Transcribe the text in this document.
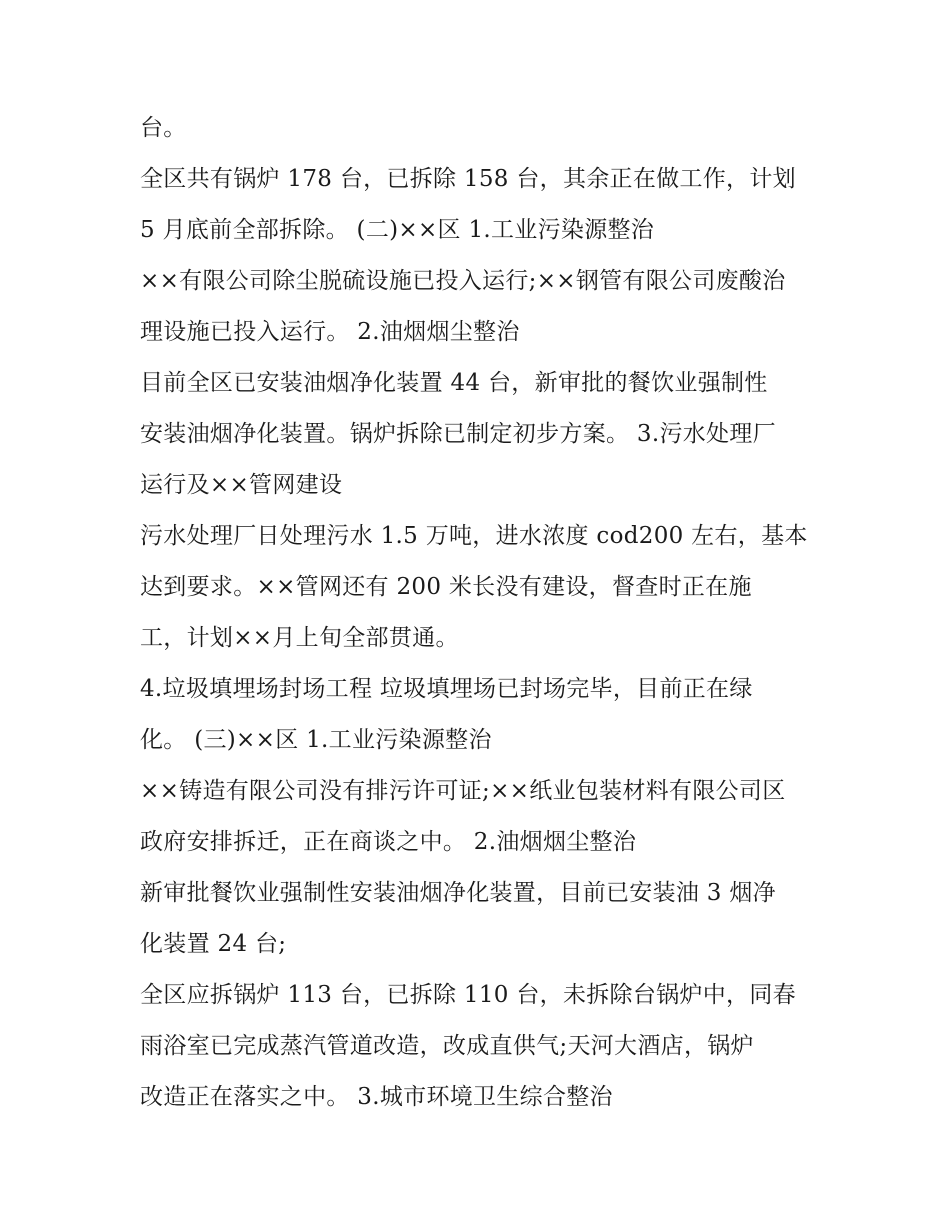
台。
全区共有锅炉 178 台，已拆除 158 台，其余正在做工作，计划
5 月底前全部拆除。 (二)××区 1.工业污染源整治
××有限公司除尘脱硫设施已投入运行;××钢管有限公司废酸治
理设施已投入运行。 2.油烟烟尘整治
目前全区已安装油烟净化装置 44 台，新审批的餐饮业强制性
安装油烟净化装置。锅炉拆除已制定初步方案。 3.污水处理厂
运行及××管网建设
污水处理厂日处理污水 1.5 万吨，进水浓度 cod200 左右，基本
达到要求。××管网还有 200 米长没有建设，督查时正在施
工，计划××月上旬全部贯通。
4.垃圾填埋场封场工程 垃圾填埋场已封场完毕，目前正在绿
化。 (三)××区 1.工业污染源整治
××铸造有限公司没有排污许可证;××纸业包装材料有限公司区
政府安排拆迁，正在商谈之中。 2.油烟烟尘整治
新审批餐饮业强制性安装油烟净化装置，目前已安装油 3 烟净
化装置 24 台;
全区应拆锅炉 113 台，已拆除 110 台，未拆除台锅炉中，同春
雨浴室已完成蒸汽管道改造，改成直供气;天河大酒店，锅炉
改造正在落实之中。 3.城市环境卫生综合整治
